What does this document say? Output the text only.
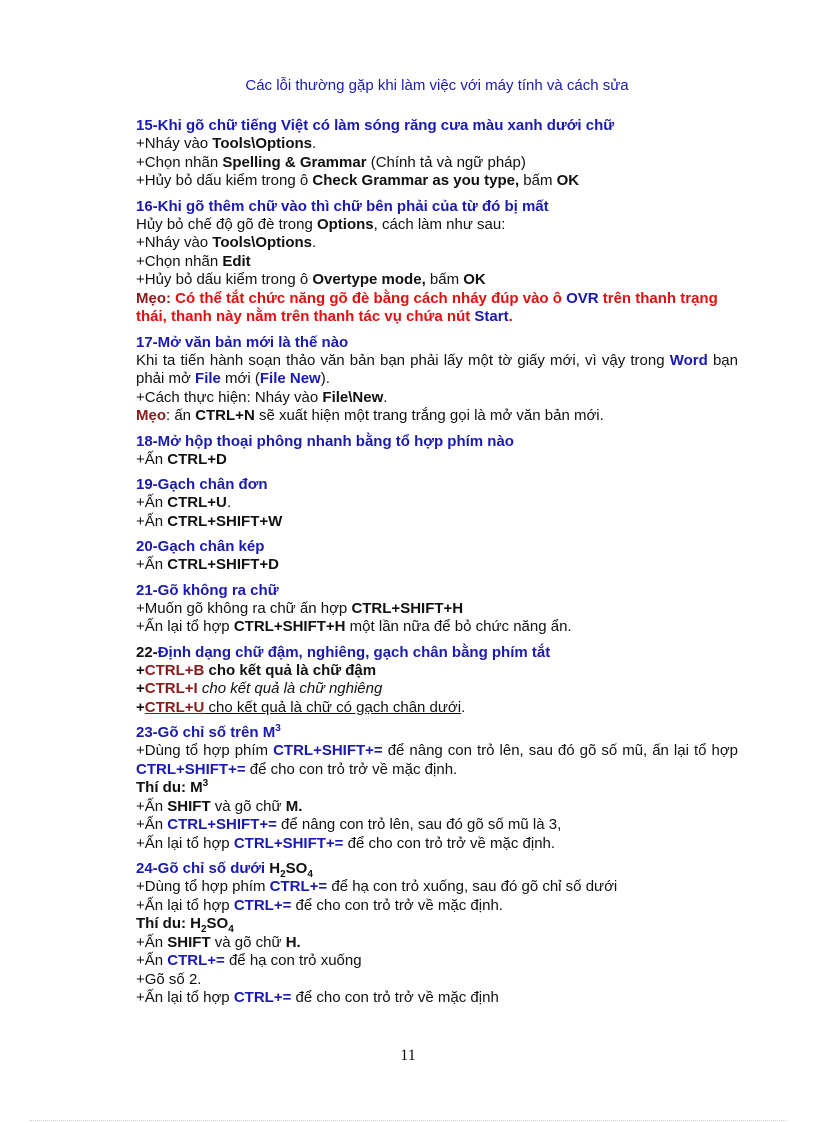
Các lỗi thường gặp khi làm việc với máy tính và cách sửa
15-Khi gõ chữ tiếng Việt có làm sóng răng cưa màu xanh dưới chữ
+Nháy vào Tools\Options.
+Chọn nhãn Spelling & Grammar (Chính tả và ngữ pháp)
+Hủy bỏ dấu kiểm trong ô Check Grammar as you type, bấm OK
16-Khi gõ thêm chữ vào thì chữ bên phải của từ đó bị mất
Hủy bỏ chế độ gõ đè trong Options, cách làm như sau:
+Nháy vào Tools\Options.
+Chọn nhãn Edit
+Hủy bỏ dấu kiểm trong ô Overtype mode, bấm OK
Mẹo: Có thể tắt chức năng gõ đè bằng cách nháy đúp vào ô OVR trên thanh trạng thái, thanh này nằm trên thanh tác vụ chứa nút Start.
17-Mở văn bản mới là thế nào
Khi ta tiến hành soạn thảo văn bản bạn phải lấy một tờ giấy mới, vì vậy trong Word bạn phải mở File mới (File New).
+Cách thực hiện: Nháy vào File\New.
Mẹo: ấn CTRL+N sẽ xuất hiện một trang trắng gọi là mở văn bản mới.
18-Mở hộp thoại phông nhanh bằng tổ hợp phím nào
+Ấn CTRL+D
19-Gạch chân đơn
+Ấn CTRL+U.
+Ấn CTRL+SHIFT+W
20-Gạch chân kép
+Ấn CTRL+SHIFT+D
21-Gõ không ra chữ
+Muốn gõ không ra chữ ấn hợp CTRL+SHIFT+H
+Ấn lại tổ hợp CTRL+SHIFT+H một lần nữa để bỏ chức năng ẩn.
22-Định dạng chữ đậm, nghiêng, gạch chân bằng phím tắt
+CTRL+B cho kết quả là chữ đậm
+CTRL+I cho kết quả là chữ nghiêng
+CTRL+U cho kết quả là chữ có gạch chân dưới.
23-Gõ chỉ số trên $M^3$
+Dùng tổ hợp phím CTRL+SHIFT+= để nâng con trỏ lên, sau đó gõ số mũ, ấn lại tổ hợp CTRL+SHIFT+= để cho con trỏ trở về mặc định.
Thí du: $M^3$
+Ấn SHIFT và gõ chữ M.
+Ấn CTRL+SHIFT+= để nâng con trỏ lên, sau đó gõ số mũ là 3,
+Ấn lại tổ hợp CTRL+SHIFT+= để cho con trỏ trở về mặc định.
24-Gõ chỉ số dưới $H_2SO_4$
+Dùng tổ hợp phím CTRL+= để hạ con trỏ xuống, sau đó gõ chỉ số dưới
+Ấn lại tổ hợp CTRL+= để cho con trỏ trở về mặc định.
Thí du: $H_2SO_4$
+Ấn SHIFT và gõ chữ H.
+Ấn CTRL+= để hạ con trỏ xuống
+Gõ số 2.
+Ấn lại tổ hợp CTRL+= để cho con trỏ trở về mặc định
11
